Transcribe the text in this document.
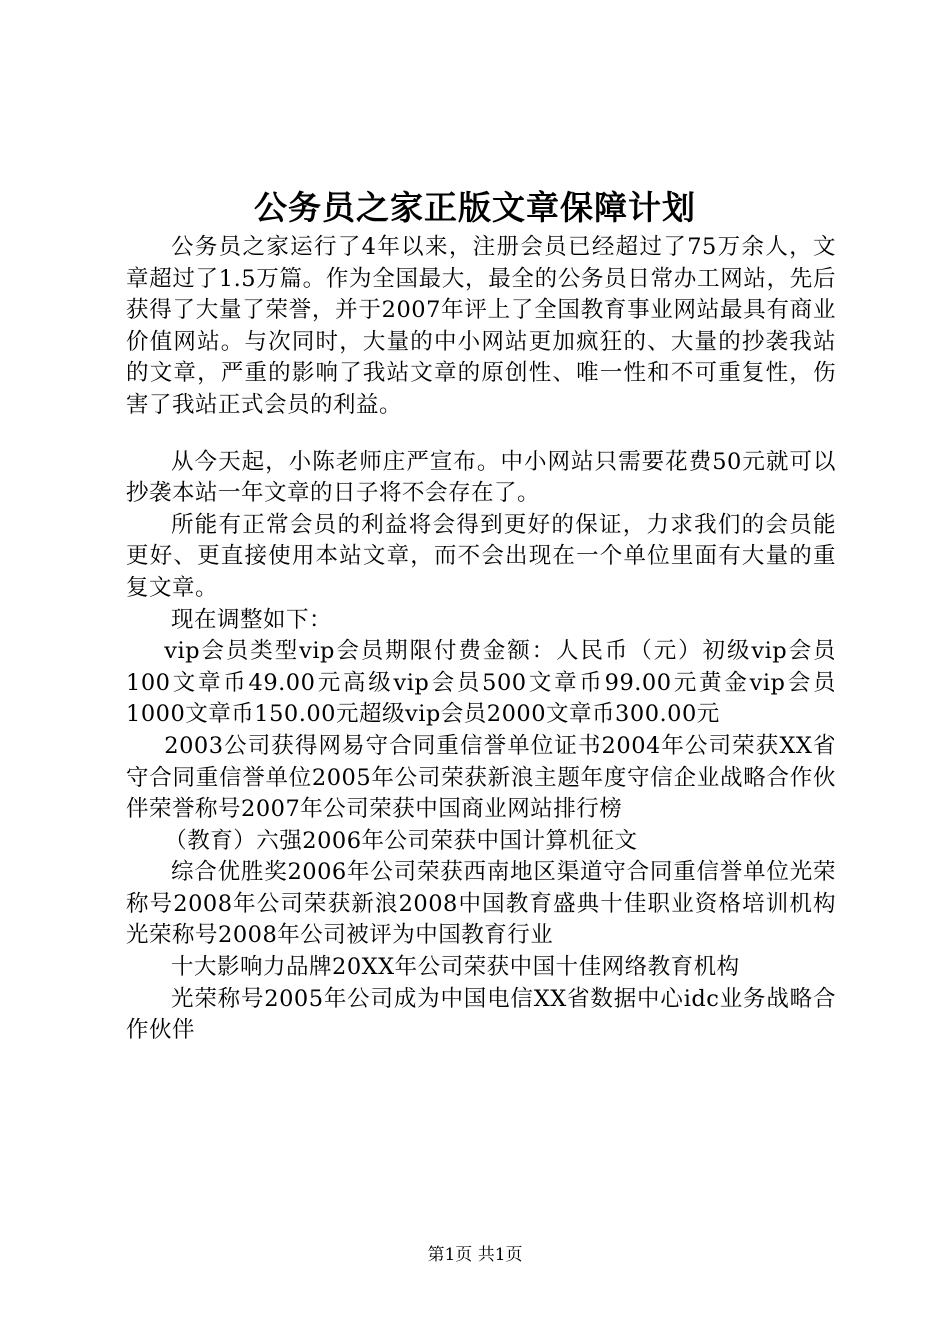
公务员之家正版文章保障计划

公务员之家运行了4年以来，注册会员已经超过了75万余人，文章超过了1.5万篇。作为全国最大，最全的公务员日常办工网站，先后获得了大量了荣誉，并于2007年评上了全国教育事业网站最具有商业价值网站。与次同时，大量的中小网站更加疯狂的、大量的抄袭我站的文章，严重的影响了我站文章的原创性、唯一性和不可重复性，伤害了我站正式会员的利益。

从今天起，小陈老师庄严宣布。中小网站只需要花费50元就可以抄袭本站一年文章的日子将不会存在了。

所能有正常会员的利益将会得到更好的保证，力求我们的会员能更好、更直接使用本站文章，而不会出现在一个单位里面有大量的重复文章。

现在调整如下：

vip会员类型vip会员期限付费金额：人民币（元）初级vip会员100文章币49.00元高级vip会员500文章币99.00元黄金vip会员1000文章币150.00元超级vip会员2000文章币300.00元

2003公司获得网易守合同重信誉单位证书2004年公司荣获XX省守合同重信誉单位2005年公司荣获新浪主题年度守信企业战略合作伙伴荣誉称号2007年公司荣获中国商业网站排行榜

（教育）六强2006年公司荣获中国计算机征文

综合优胜奖2006年公司荣获西南地区渠道守合同重信誉单位光荣称号2008年公司荣获新浪2008中国教育盛典十佳职业资格培训机构光荣称号2008年公司被评为中国教育行业

十大影响力品牌20XX年公司荣获中国十佳网络教育机构

光荣称号2005年公司成为中国电信XX省数据中心idc业务战略合作伙伴

第1页 共1页
